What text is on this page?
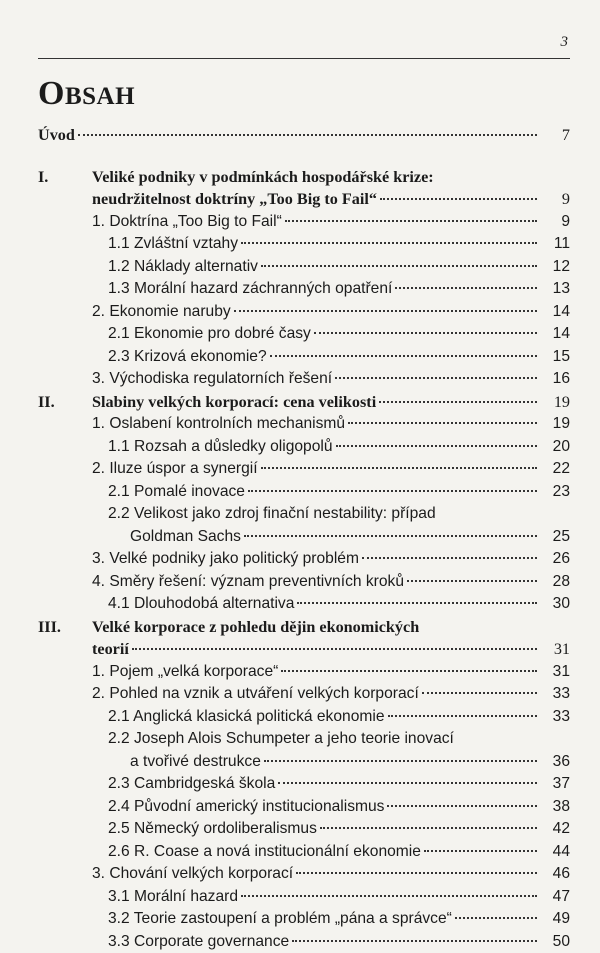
3
OBSAH
Úvod	7
I.	Veliké podniky v podmínkách hospodářské krize:
neudržitelnost doktríny „Too Big to Fail“	9
1. Doktrína „Too Big to Fail“	9
1.1 Zvláštní vztahy	11
1.2 Náklady alternativ	12
1.3 Morální hazard záchranných opatření	13
2. Ekonomie naruby	14
2.1 Ekonomie pro dobré časy	14
2.3 Krizová ekonomie?	15
3. Východiska regulatorních řešení	16
II.	Slabiny velkých korporací: cena velikosti	19
1. Oslabení kontrolních mechanismů	19
1.1 Rozsah a důsledky oligopolů	20
2. Iluze úspor a synergií	22
2.1 Pomalé inovace	23
2.2 Velikost jako zdroj finační nestability: případ
Goldman Sachs	25
3. Velké podniky jako politický problém	26
4. Směry řešení: význam preventivních kroků	28
4.1 Dlouhodobá alternativa	30
III.	Velké korporace z pohledu dějin ekonomických
teorií	31
1. Pojem „velká korporace“	31
2. Pohled na vznik a utváření velkých korporací	33
2.1 Anglická klasická politická ekonomie	33
2.2 Joseph Alois Schumpeter a jeho teorie inovací
a tvořivé destrukce	36
2.3 Cambridgeská škola	37
2.4 Původní americký institucionalismus	38
2.5 Německý ordoliberalismus	42
2.6 R. Coase a nová institucionální ekonomie	44
3. Chování velkých korporací	46
3.1 Morální hazard	47
3.2 Teorie zastoupení a problém „pána a správce“	49
3.3 Corporate governance	50
